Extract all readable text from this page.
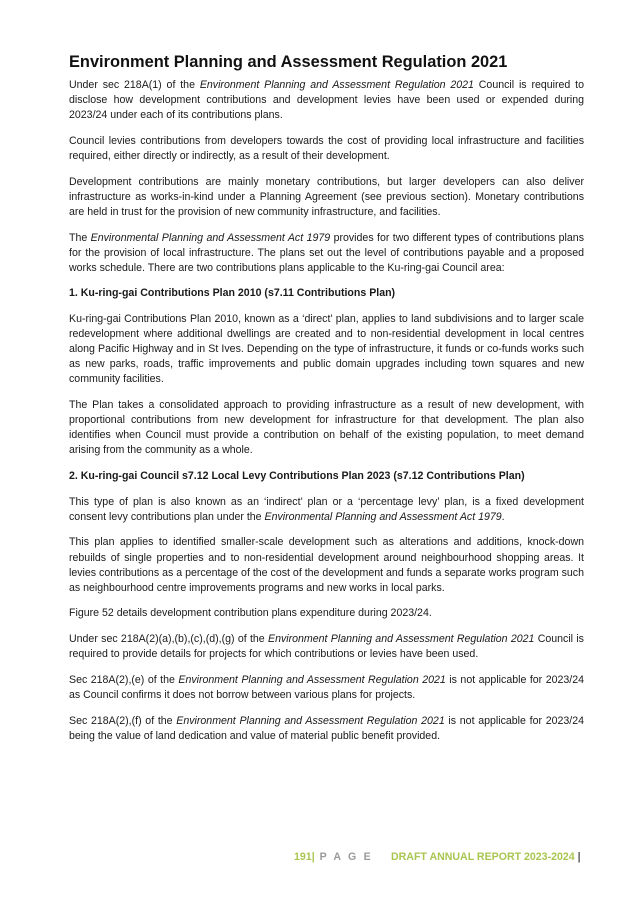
Environment Planning and Assessment Regulation 2021

Under sec 218A(1) of the Environment Planning and Assessment Regulation 2021 Council is required to disclose how development contributions and development levies have been used or expended during 2023/24 under each of its contributions plans.

Council levies contributions from developers towards the cost of providing local infrastructure and facilities required, either directly or indirectly, as a result of their development.

Development contributions are mainly monetary contributions, but larger developers can also deliver infrastructure as works-in-kind under a Planning Agreement (see previous section). Monetary contributions are held in trust for the provision of new community infrastructure, and facilities.

The Environmental Planning and Assessment Act 1979 provides for two different types of contributions plans for the provision of local infrastructure. The plans set out the level of contributions payable and a proposed works schedule. There are two contributions plans applicable to the Ku-ring-gai Council area:

1. Ku-ring-gai Contributions Plan 2010 (s7.11 Contributions Plan)

Ku-ring-gai Contributions Plan 2010, known as a ‘direct’ plan, applies to land subdivisions and to larger scale redevelopment where additional dwellings are created and to non-residential development in local centres along Pacific Highway and in St Ives. Depending on the type of infrastructure, it funds or co-funds works such as new parks, roads, traffic improvements and public domain upgrades including town squares and new community facilities.

The Plan takes a consolidated approach to providing infrastructure as a result of new development, with proportional contributions from new development for infrastructure for that development. The plan also identifies when Council must provide a contribution on behalf of the existing population, to meet demand arising from the community as a whole.

2. Ku-ring-gai Council s7.12 Local Levy Contributions Plan 2023 (s7.12 Contributions Plan)

This type of plan is also known as an ‘indirect’ plan or a ‘percentage levy’ plan, is a fixed development consent levy contributions plan under the Environmental Planning and Assessment Act 1979.

This plan applies to identified smaller-scale development such as alterations and additions, knock-down rebuilds of single properties and to non-residential development around neighbourhood shopping areas. It levies contributions as a percentage of the cost of the development and funds a separate works program such as neighbourhood centre improvements programs and new works in local parks.

Figure 52 details development contribution plans expenditure during 2023/24.

Under sec 218A(2)(a),(b),(c),(d),(g) of the Environment Planning and Assessment Regulation 2021 Council is required to provide details for projects for which contributions or levies have been used.

Sec 218A(2),(e) of the Environment Planning and Assessment Regulation 2021 is not applicable for 2023/24 as Council confirms it does not borrow between various plans for projects.

Sec 218A(2),(f) of the Environment Planning and Assessment Regulation 2021 is not applicable for 2023/24 being the value of land dedication and value of material public benefit provided.

191| P A G E DRAFT ANNUAL REPORT 2023-2024 |
